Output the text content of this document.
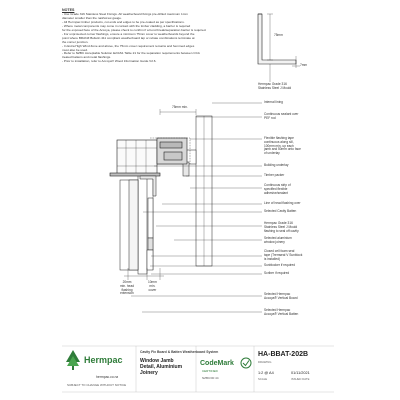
NOTES
- Use Grade 316 Stainless Steel Fixings. All weatherboard fixings pre-drilled maximum 1mm
diameter smaller than the nail/screw gauge.
- All Hermpac timber products, cut ends and edges to be pre-coated as per specifications.
- Where metal components may come in contact with the timber cladding, a barrier is required
for the exposed face of the Accoya, please check to confirm if a bond break/separation barrier is required.
- For unprotected corner flashings, ensure a minimum 75mm cover to weatherboards beyond the
point where BRANZ Bulletin 411 compliant weatherboard lap or rebate combinations terminate at
the corner junction.
- In Extra High Wind Zone and above, the 75mm cover requirement remains and hemmed edges
must also be used.
- Refer to NZBC Acceptable Solution E2/AS1 Table 21 for the separation requirements between CCA
treated battens and metal flashings.
- Prior to installation, refer to Accoya® Wood Information Guide V2.6.
75mm
7mm
Hermpac Grade 316
Stainless Steel J Mould
75mm min.
Internal lining
Continuous sealant over
PEF rod
Flexible flashing tape
continuous along sill,
100mm min. up each
jamb and 50mm onto face
of underlay
Building underlay
Timber packer
Continuous strip of
specified flexible
adhesive/sealant
Line of head flashing over
Selected Cavity Batten
Hermpac Grade 316
Stainless Steel J Mould
flashing to seal off cavity
Selected aluminium
window joinery
Closed cell foam seal
tape (Tremseal V Sunblock
is installed)
Sunblocker if required
Scriber if required
Selected Hermpac
Accoya® Vertical Board
Selected Hermpac
Accoya® Vertical Batten
20mm
min. head
flashing
extension
10mm
min.
cover
Hermpac
hermpac.co.nz
SUBJECT TO CHANGE WITHOUT NOTICE
Cavity Fix Board & Batten Weatherboard System
Window Jamb
Detail, Aluminium
Joinery
CodeMark
CERTIFIED
NZBC/00 44
HA-BBAT-202B
DRAWING
1:2 @ A4
SCALE
01/11/2021
ISSUED DATE
